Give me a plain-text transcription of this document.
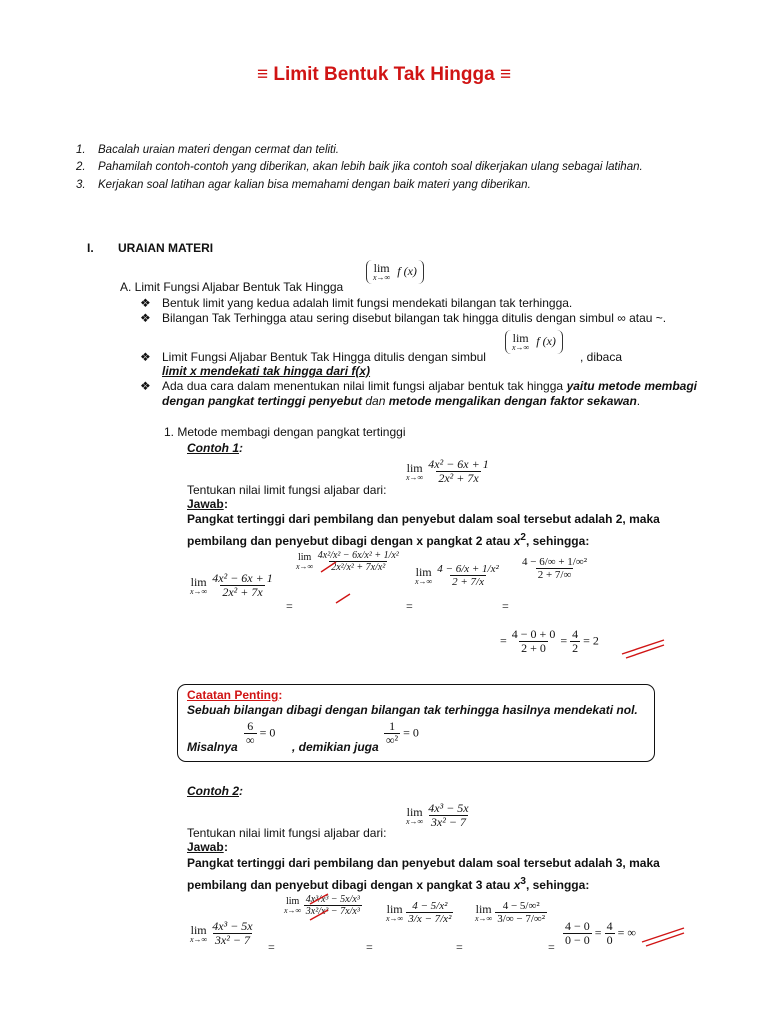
≡ Limit Bentuk Tak Hingga ≡
1.	Bacalah uraian materi dengan cermat dan teliti.
2.	Pahamilah contoh-contoh yang diberikan, akan lebih baik jika contoh soal dikerjakan ulang sebagai latihan.
3.	Kerjakan soal latihan agar kalian bisa memahami dengan baik materi yang diberikan.
I. URAIAN MATERI
A. Limit Fungsi Aljabar Bentuk Tak Hingga
lim
x→∞ f (x)
❖ Bentuk limit yang kedua adalah limit fungsi mendekati bilangan tak terhingga.
❖ Bilangan Tak Terhingga atau sering disebut bilangan tak hingga ditulis dengan simbul ∞ atau ~.
❖ Limit Fungsi Aljabar Bentuk Tak Hingga ditulis dengan simbul
lim
x→∞ f (x)
, dibaca
limit x mendekati tak hingga dari f(x)
❖ Ada dua cara dalam menentukan nilai limit fungsi aljabar bentuk tak hingga yaitu metode membagi dengan pangkat tertinggi penyebut dan metode mengalikan dengan faktor sekawan.
1. Metode membagi dengan pangkat tertinggi
Contoh 1:
lim
x→∞
$\frac{\text{4x² − 6x + 1}}{\text{2x² + 7x}}$
Tentukan nilai limit fungsi aljabar dari:
Jawab :
Pangkat tertinggi dari pembilang dan penyebut dalam soal tersebut adalah 2, maka
pembilang dan penyebut dibagi dengan x pangkat 2 atau $x^2$, sehingga:
lim
x→∞
$\frac{\text{4x² − 6x + 1}}{\text{2x² + 7x}}$
=
lim
x→∞
$\frac{\text{4x²/x² − 6x/x² + 1/x²}}{\text{2x²/x² + 7x/x²}}$
=
lim
x→∞
$\frac{\text{4 − 6/x + 1/x²}}{2 + 7/x}$
=
$\frac{\text{4 − 6/∞ + 1/∞²}}{2 + 7/\infty}$
= $\frac{4 - 0 + 0}{2 + 0} = \frac{4}{2} = 2$
Catatan Penting:
Sebuah bilangan dibagi dengan bilangan tak terhingga hasilnya mendekati nol.
Misalnya $\frac{6}{\infty} = 0$
, demikian juga $\frac{1}{\text{∞²}} = 0$
Contoh 2:
lim
x→∞
$\frac{\text{4x³ − 5x}}{\text{3x² − 7}}$
Tentukan nilai limit fungsi aljabar dari:
Jawab :
Pangkat tertinggi dari pembilang dan penyebut dalam soal tersebut adalah 3, maka
pembilang dan penyebut dibagi dengan x pangkat 3 atau $x^3$, sehingga:
lim
x→∞
$\frac{\text{4x³ − 5x}}{\text{3x² − 7}}$ =
lim
x→∞
$\frac{\text{4x³/x³ − 5x/x³}}{\text{3x²/x³ − 7x/x³}}$
=
lim
x→∞
$\frac{\text{4 − 5/x²}}{\text{3/x − 7/x²}}$
=
lim
x→∞
$\frac{\text{4 − 5/∞²}}{\text{3/∞ − 7/∞²}}$
= $\frac{4 - 0}{0 - 0} = \frac{4}{0}$ = ∞
